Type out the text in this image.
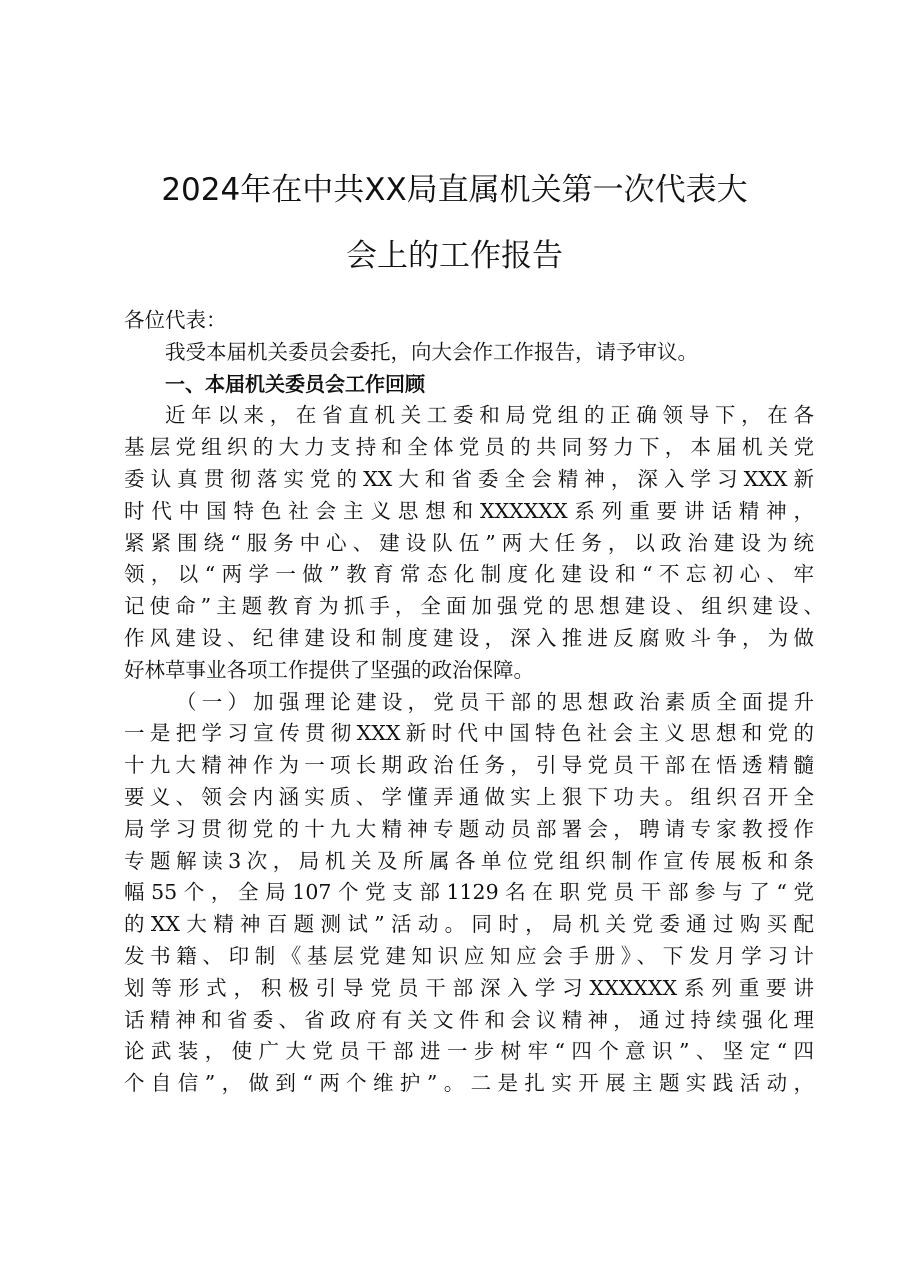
2024年在中共XX局直属机关第一次代表大
会上的工作报告
各位代表：
我受本届机关委员会委托，向大会作工作报告，请予审议。
一、本届机关委员会工作回顾
近年以来，在省直机关工委和局党组的正确领导下，在各
基层党组织的大力支持和全体党员的共同努力下，本届机关党
委认真贯彻落实党的XX大和省委全会精神，深入学习XXX新
时代中国特色社会主义思想和XXXXXX系列重要讲话精神，
紧紧围绕“服务中心、建设队伍”两大任务，以政治建设为统
领，以“两学一做”教育常态化制度化建设和“不忘初心、牢
记使命”主题教育为抓手，全面加强党的思想建设、组织建设、
作风建设、纪律建设和制度建设，深入推进反腐败斗争，为做
好林草事业各项工作提供了坚强的政治保障。
（一）加强理论建设，党员干部的思想政治素质全面提升
一是把学习宣传贯彻XXX新时代中国特色社会主义思想和党的
十九大精神作为一项长期政治任务，引导党员干部在悟透精髓
要义、领会内涵实质、学懂弄通做实上狠下功夫。组织召开全
局学习贯彻党的十九大精神专题动员部署会，聘请专家教授作
专题解读3次，局机关及所属各单位党组织制作宣传展板和条
幅55个，全局107个党支部1129名在职党员干部参与了“党
的XX大精神百题测试”活动。同时，局机关党委通过购买配
发书籍、印制《基层党建知识应知应会手册》、下发月学习计
划等形式，积极引导党员干部深入学习XXXXXX系列重要讲
话精神和省委、省政府有关文件和会议精神，通过持续强化理
论武装，使广大党员干部进一步树牢“四个意识”、坚定“四
个自信”，做到“两个维护”。二是扎实开展主题实践活动，
